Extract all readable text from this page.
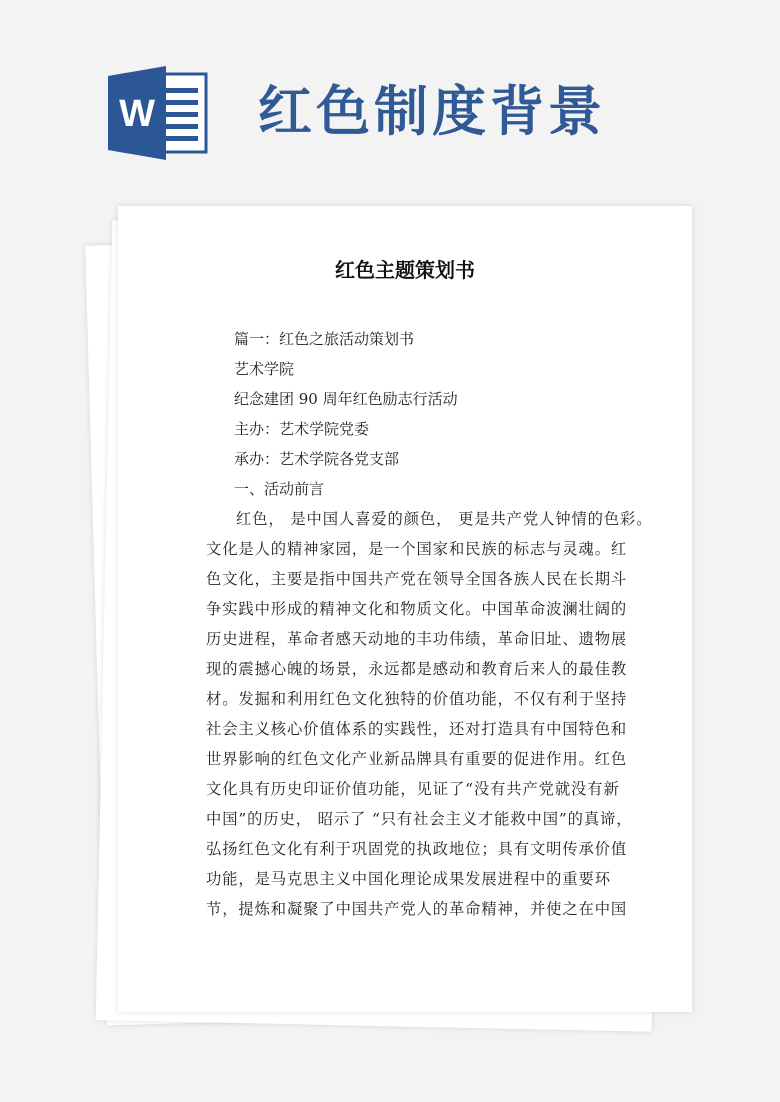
W 红色制度背景
红色主题策划书
篇一：红色之旅活动策划书
艺术学院
纪念建团 90 周年红色励志行活动
主办：艺术学院党委
承办：艺术学院各党支部
一、活动前言
红色， 是中国人喜爱的颜色， 更是共产党人钟情的色彩。
文化是人的精神家园，是一个国家和民族的标志与灵魂。红
色文化，主要是指中国共产党在领导全国各族人民在长期斗
争实践中形成的精神文化和物质文化。中国革命波澜壮阔的
历史进程，革命者感天动地的丰功伟绩，革命旧址、遗物展
现的震撼心魄的场景，永远都是感动和教育后来人的最佳教
材。发掘和利用红色文化独特的价值功能，不仅有利于坚持
社会主义核心价值体系的实践性，还对打造具有中国特色和
世界影响的红色文化产业新品牌具有重要的促进作用。红色
文化具有历史印证价值功能，见证了“没有共产党就没有新
中国”的历史， 昭示了 “只有社会主义才能救中国”的真谛，
弘扬红色文化有利于巩固党的执政地位；具有文明传承价值
功能，是马克思主义中国化理论成果发展进程中的重要环
节，提炼和凝聚了中国共产党人的革命精神，并使之在中国
